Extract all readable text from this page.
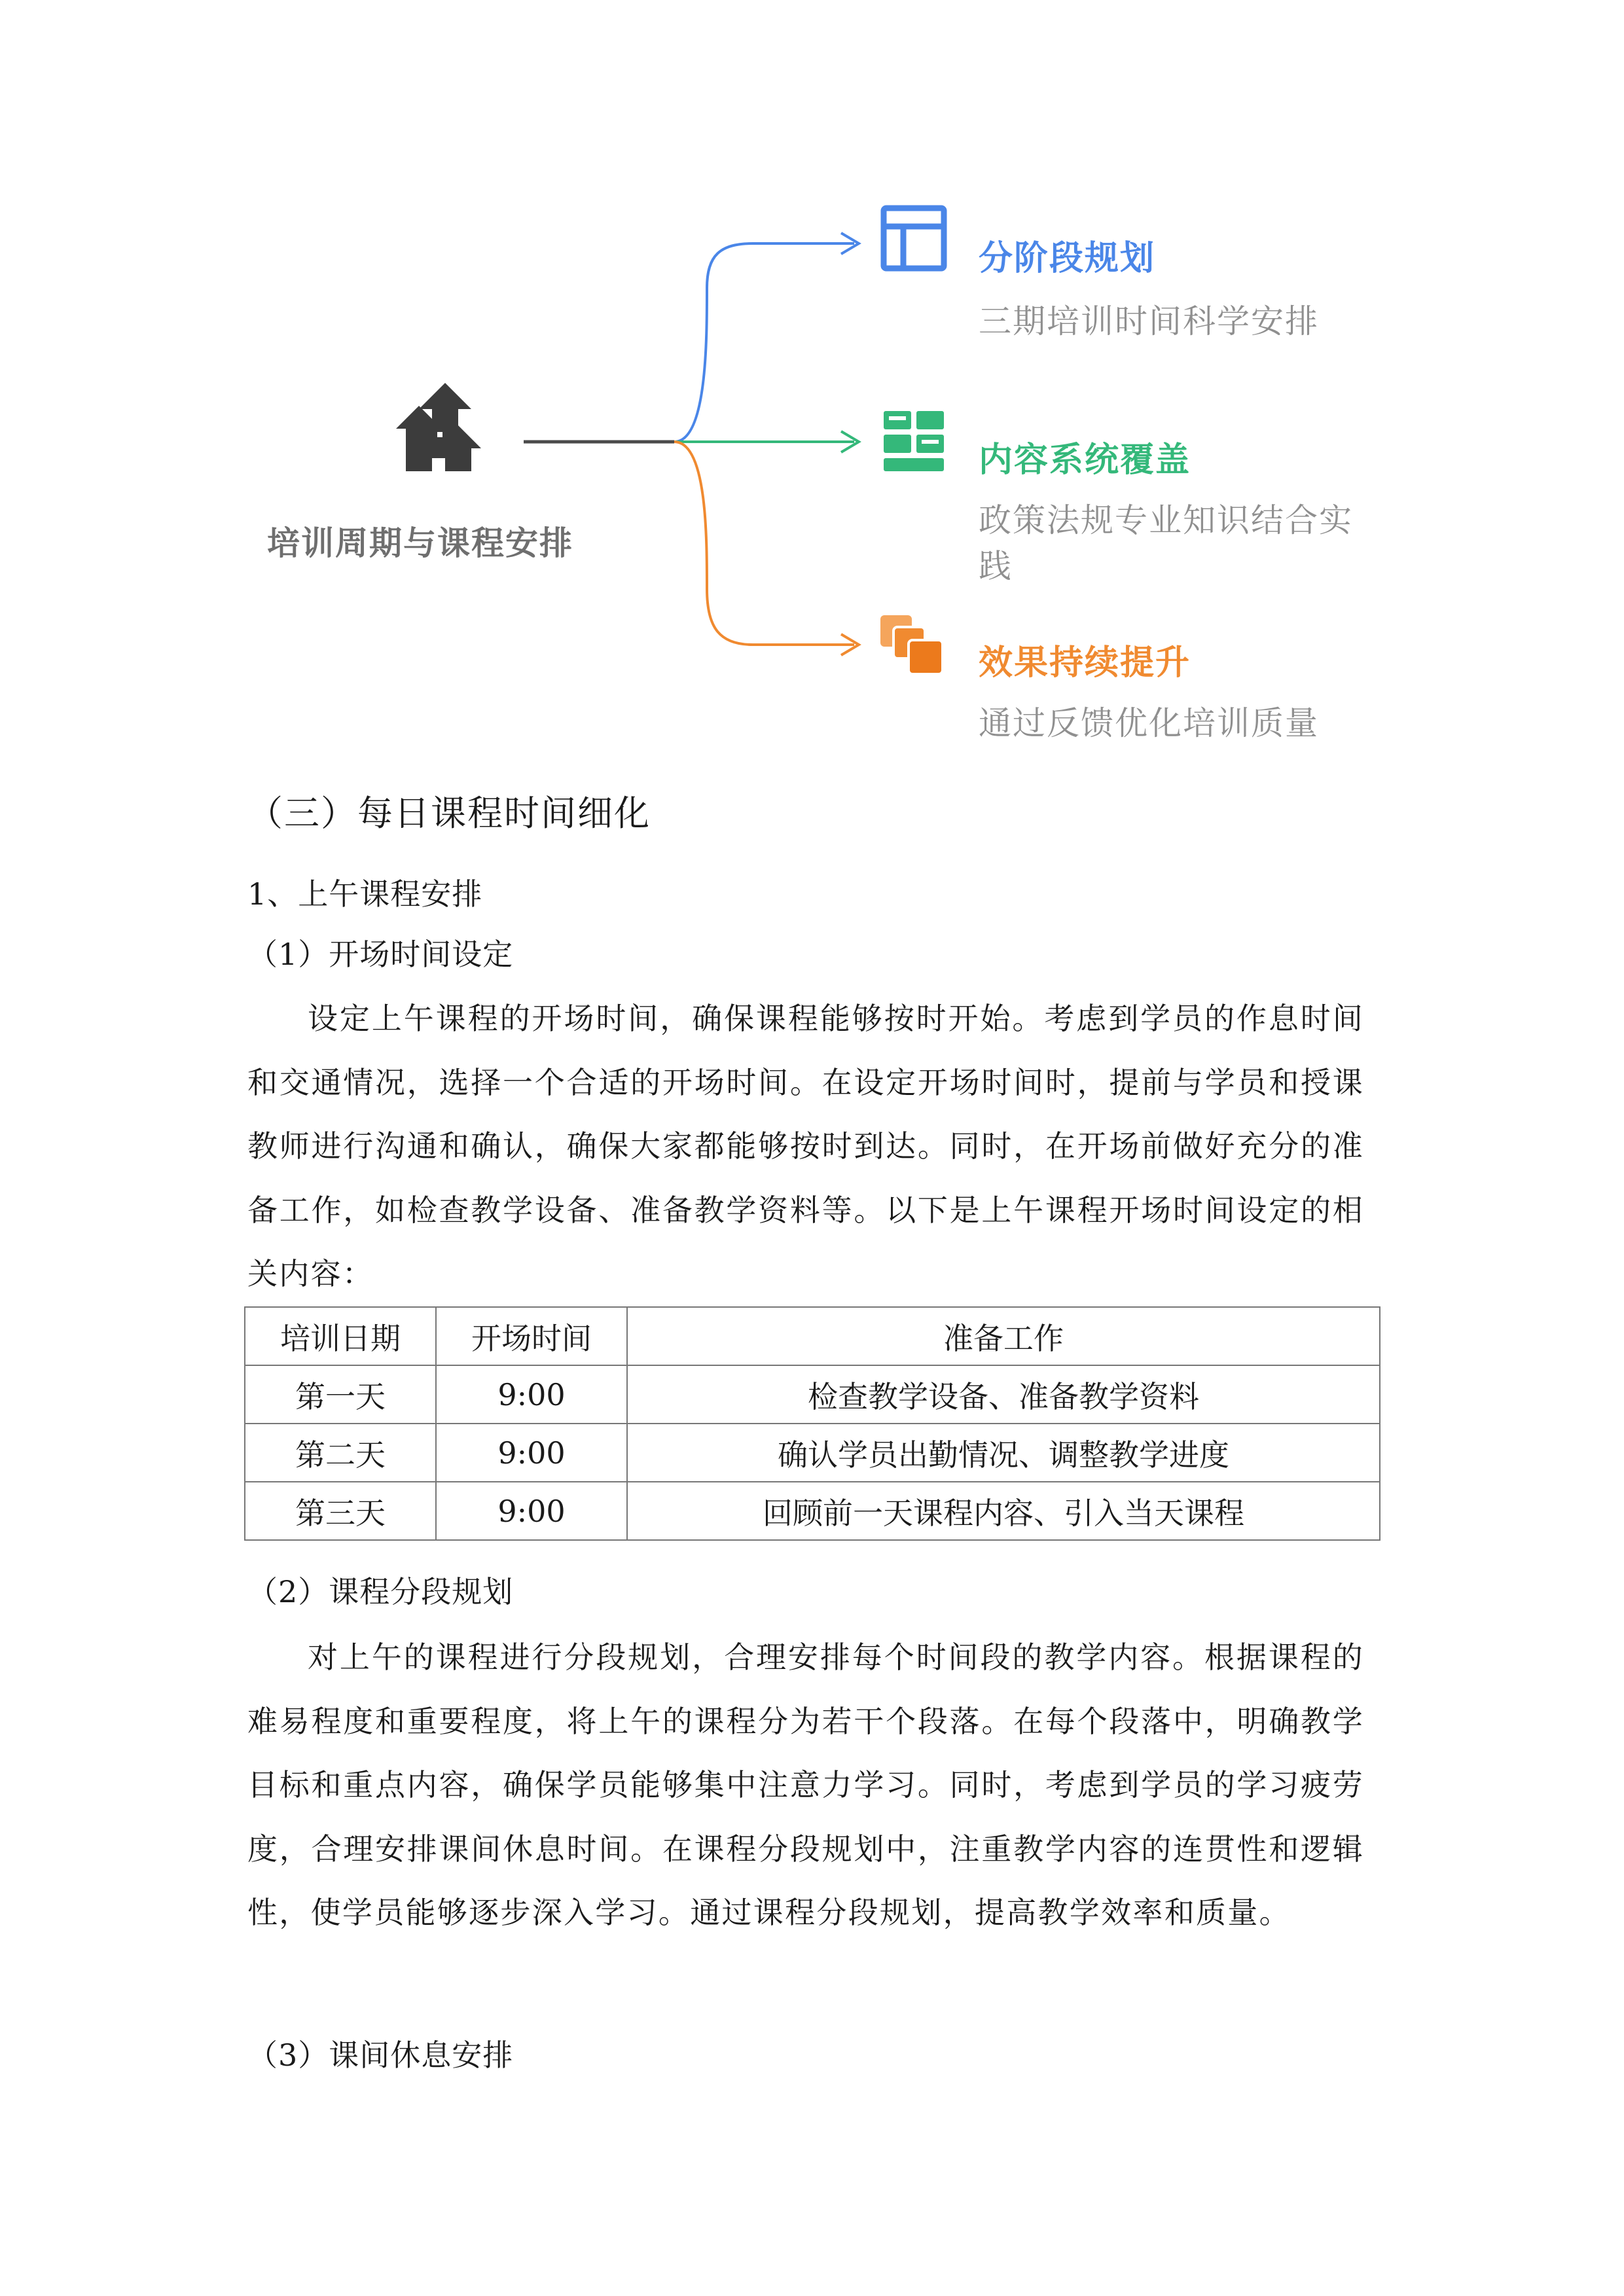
培训周期与课程安排
分阶段规划
三期培训时间科学安排
内容系统覆盖
政策法规专业知识结合实践
效果持续提升
通过反馈优化培训质量
（三）每日课程时间细化
1、上午课程安排
（1）开场时间设定

设定上午课程的开场时间，确保课程能够按时开始。考虑到学员的作息时间和交通情况，选择一个合适的开场时间。在设定开场时间时，提前与学员和授课教师进行沟通和确认，确保大家都能够按时到达。同时，在开场前做好充分的准备工作，如检查教学设备、准备教学资料等。以下是上午课程开场时间设定的相关内容：

培训日期	开场时间	准备工作
第一天	9:00	检查教学设备、准备教学资料
第二天	9:00	确认学员出勤情况、调整教学进度
第三天	9:00	回顾前一天课程内容、引入当天课程
（2）课程分段规划

对上午的课程进行分段规划，合理安排每个时间段的教学内容。根据课程的难易程度和重要程度，将上午的课程分为若干个段落。在每个段落中，明确教学目标和重点内容，确保学员能够集中注意力学习。同时，考虑到学员的学习疲劳度，合理安排课间休息时间。在课程分段规划中，注重教学内容的连贯性和逻辑性，使学员能够逐步深入学习。通过课程分段规划，提高教学效率和质量。

（3）课间休息安排
